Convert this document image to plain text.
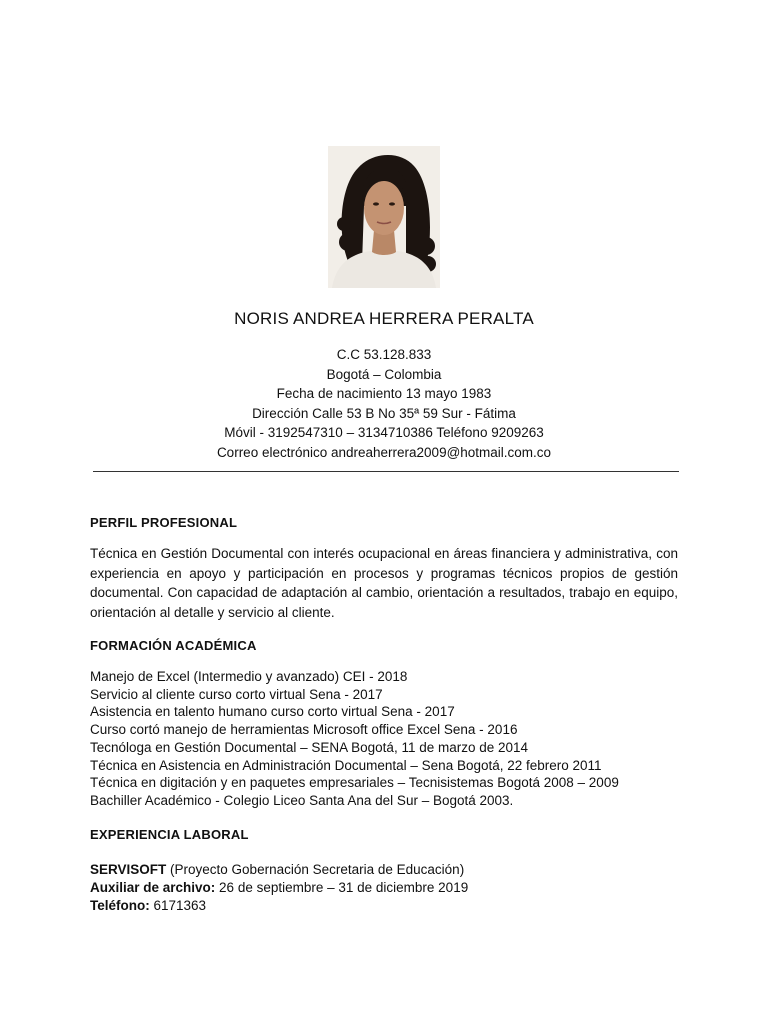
NORIS ANDREA HERRERA PERALTA
C.C 53.128.833
Bogotá – Colombia
Fecha de nacimiento 13 mayo 1983
Dirección Calle 53 B No 35ª 59 Sur - Fátima
Móvil - 3192547310 – 3134710386 Teléfono 9209263
Correo electrónico andreaherrera2009@hotmail.com.co
PERFIL PROFESIONAL
Técnica en Gestión Documental con interés ocupacional en áreas financiera y administrativa, con experiencia en apoyo y participación en procesos y programas técnicos propios de gestión documental. Con capacidad de adaptación al cambio, orientación a resultados, trabajo en equipo, orientación al detalle y servicio al cliente.
FORMACIÓN ACADÉMICA
Manejo de Excel (Intermedio y avanzado) CEI - 2018
Servicio al cliente curso corto virtual Sena - 2017
Asistencia en talento humano curso corto virtual Sena - 2017
Curso cortó manejo de herramientas Microsoft office Excel Sena - 2016
Tecnóloga en Gestión Documental – SENA Bogotá, 11 de marzo de 2014
Técnica en Asistencia en Administración Documental – Sena Bogotá, 22 febrero 2011
Técnica en digitación y en paquetes empresariales – Tecnisistemas Bogotá 2008 – 2009
Bachiller Académico - Colegio Liceo Santa Ana del Sur – Bogotá 2003.
EXPERIENCIA LABORAL
SERVISOFT (Proyecto Gobernación Secretaria de Educación)
Auxiliar de archivo: 26 de septiembre – 31 de diciembre 2019
Teléfono: 6171363
